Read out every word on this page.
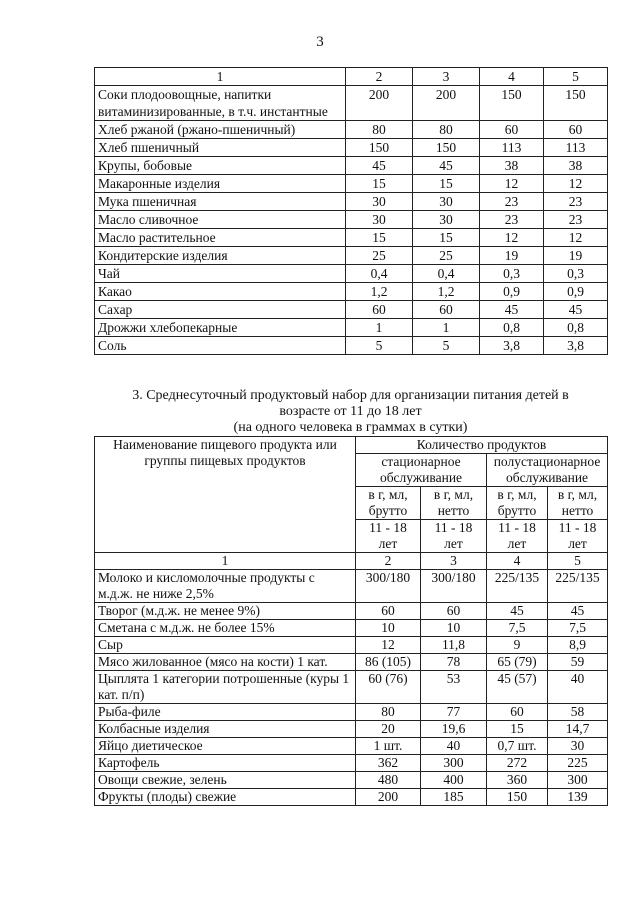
3
1	2	3	4	5
Соки плодоовощные, напитки витаминизированные, в т.ч. инстантные	200	200	150	150
Хлеб ржаной (ржано-пшеничный)	80	80	60	60
Хлеб пшеничный	150	150	113	113
Крупы, бобовые	45	45	38	38
Макаронные изделия	15	15	12	12
Мука пшеничная	30	30	23	23
Масло сливочное	30	30	23	23
Масло растительное	15	15	12	12
Кондитерские изделия	25	25	19	19
Чай	0,4	0,4	0,3	0,3
Какао	1,2	1,2	0,9	0,9
Сахар	60	60	45	45
Дрожжи хлебопекарные	1	1	0,8	0,8
Соль	5	5	3,8	3,8
3. Среднесуточный продуктовый набор для организации питания детей в
возрасте от 11 до 18 лет
(на одного человека в граммах в сутки)
Наименование пищевого продукта или группы пищевых продуктов	Количество продуктов			
	стационарное обслуживание		полустационарное обслуживание	
	в г, мл, брутто	в г, мл, нетто	в г, мл, брутто	в г, мл, нетто
	11 - 18 лет	11 - 18 лет	11 - 18 лет	11 - 18 лет
1	2	3	4	5
Молоко и кисломолочные продукты с м.д.ж. не ниже 2,5%	300/180	300/180	225/135	225/135
Творог (м.д.ж. не менее 9%)	60	60	45	45
Сметана с м.д.ж. не более 15%	10	10	7,5	7,5
Сыр	12	11,8	9	8,9
Мясо жилованное (мясо на кости) 1 кат.	86 (105)	78	65 (79)	59
Цыплята 1 категории потрошенные (куры 1 кат. п/п)	60 (76)	53	45 (57)	40
Рыба-филе	80	77	60	58
Колбасные изделия	20	19,6	15	14,7
Яйцо диетическое	1 шт.	40	0,7 шт.	30
Картофель	362	300	272	225
Овощи свежие, зелень	480	400	360	300
Фрукты (плоды) свежие	200	185	150	139
